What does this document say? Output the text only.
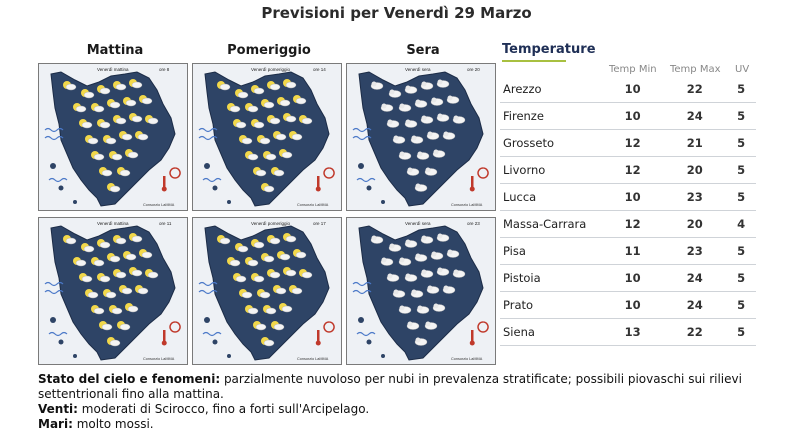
Previsioni per Venerdì 29 Marzo
Mattina	Pomeriggio	Sera
Venerdì mattina	ore 8
Consorzio LaMMA
Venerdì pomeriggio	ore 14
Consorzio LaMMA
Venerdì sera	ore 20
Consorzio LaMMA
Venerdì mattina	ore 11
Consorzio LaMMA
Venerdì pomeriggio	ore 17
Consorzio LaMMA
Venerdì sera	ore 23
Consorzio LaMMA
Temperature
Temp Min Temp Max UV
Arezzo	10	22	5
Firenze	10	24	5
Grosseto	12	21	5
Livorno	12	20	5
Lucca	10	23	5
Massa-Carrara	12	20	4
Pisa	11	23	5
Pistoia	10	24	5
Prato	10	24	5
Siena	13	22	5
Stato del cielo e fenomeni: parzialmente nuvoloso per nubi in prevalenza stratificate; possibili piovaschi sui rilievi settentrionali fino alla mattina.
Venti: moderati di Scirocco, fino a forti sull'Arcipelago.
Mari: molto mossi.
